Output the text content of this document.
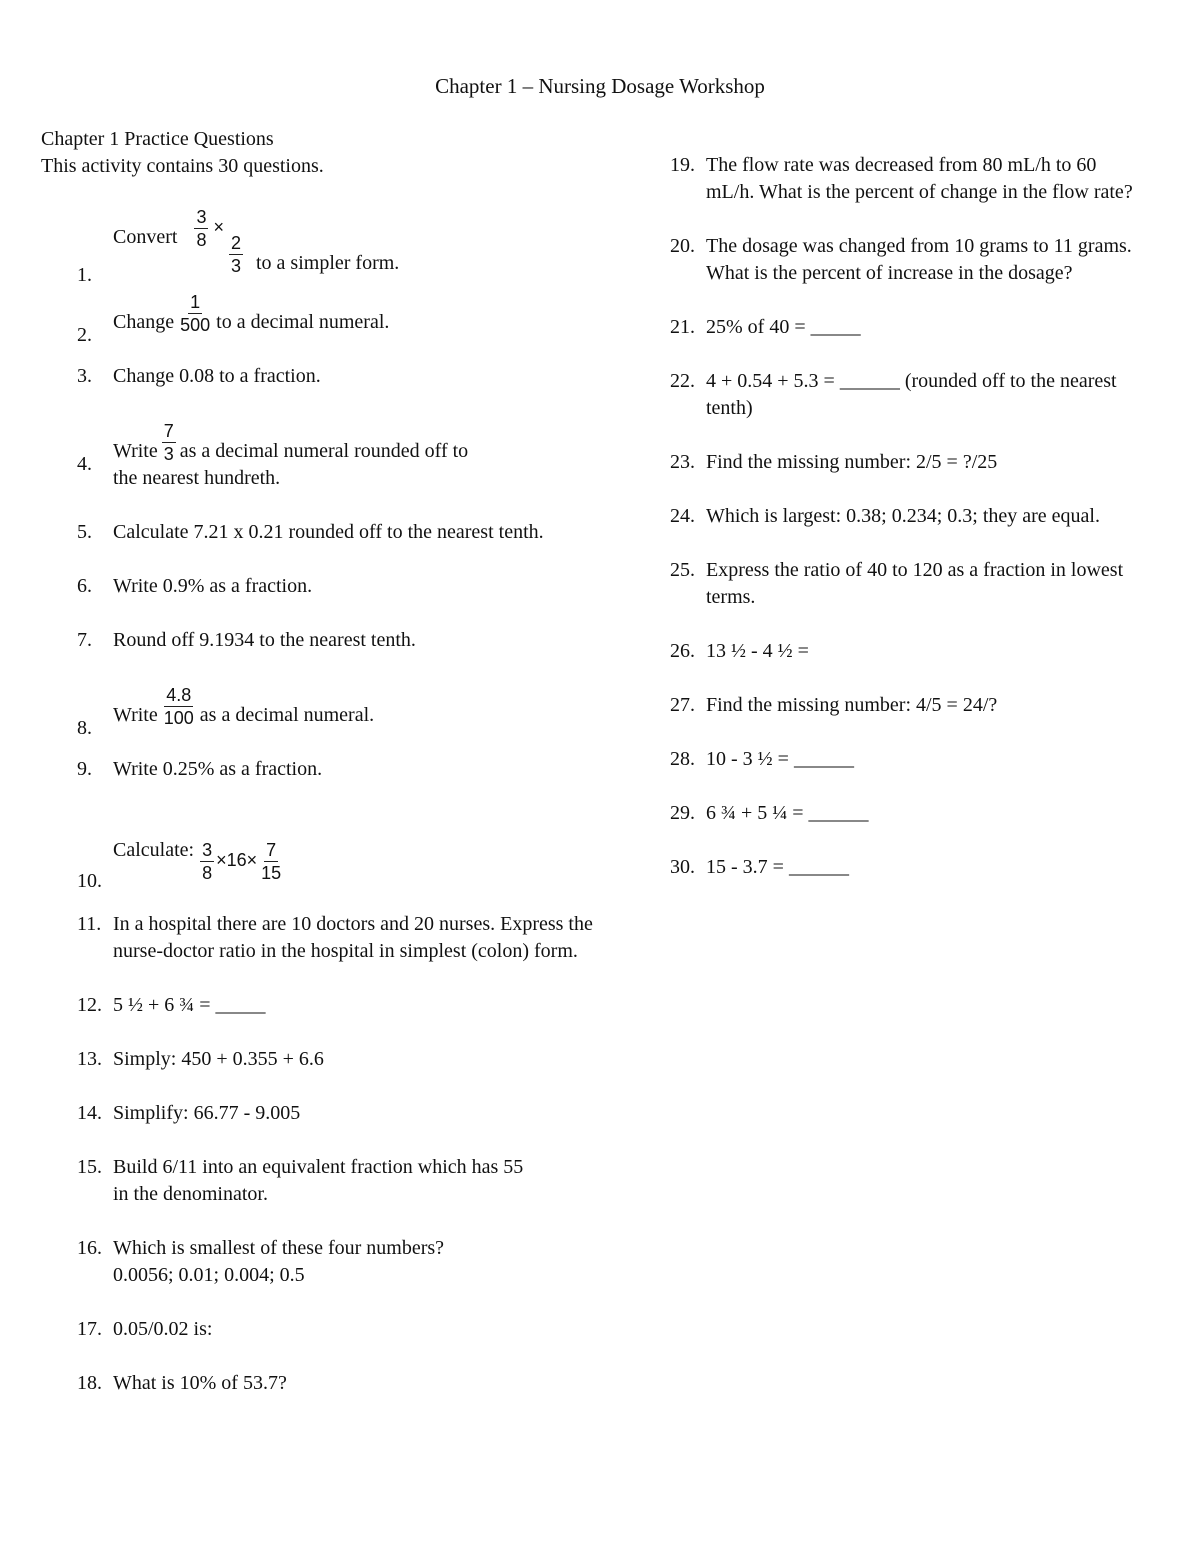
Chapter 1 – Nursing Dosage Workshop
Chapter 1 Practice Questions
This activity contains 30 questions.
1.
Convert $\frac{3}{8}$ ×
$\frac{2}{3}$ to a simpler form.
2.
Change $\frac{1}{500}$ to a decimal numeral.
3. Change 0.08 to a fraction.
4.
Write $\frac{7}{3}$ as a decimal numeral rounded off to
the nearest hundreth.
5. Calculate 7.21 x 0.21 rounded off to the nearest tenth.
6. Write 0.9% as a fraction.
7. Round off 9.1934 to the nearest tenth.
8.
Write $\frac{4.8}{100}$ as a decimal numeral.
9. Write 0.25% as a fraction.
10.
Calculate: $\frac{3}{8} \times 16\times \frac{7}{15}$
11. In a hospital there are 10 doctors and 20 nurses. Express the nurse-doctor ratio in the hospital in simplest (colon) form.
12. 5 ½ + 6 ¾ = _____
13. Simply: 450 + 0.355 + 6.6
14. Simplify: 66.77 - 9.005
15. Build 6/11 into an equivalent fraction which has 55 in the denominator.
16. Which is smallest of these four numbers?
0.0056; 0.01; 0.004; 0.5
17. 0.05/0.02 is:
18. What is 10% of 53.7?
19. The flow rate was decreased from 80 mL/h to 60 mL/h. What is the percent of change in the flow rate?
20. The dosage was changed from 10 grams to 11 grams. What is the percent of increase in the dosage?
21. 25% of 40 = _____
22. 4 + 0.54 + 5.3 = ______ (rounded off to the nearest tenth)
23. Find the missing number: 2/5 = ?/25
24. Which is largest: 0.38; 0.234; 0.3; they are equal.
25. Express the ratio of 40 to 120 as a fraction in lowest terms.
26. 13 ½ - 4 ½ =
27. Find the missing number: 4/5 = 24/?
28. 10 - 3 ½ = ______
29. 6 ¾ + 5 ¼ = ______
30. 15 - 3.7 = ______
